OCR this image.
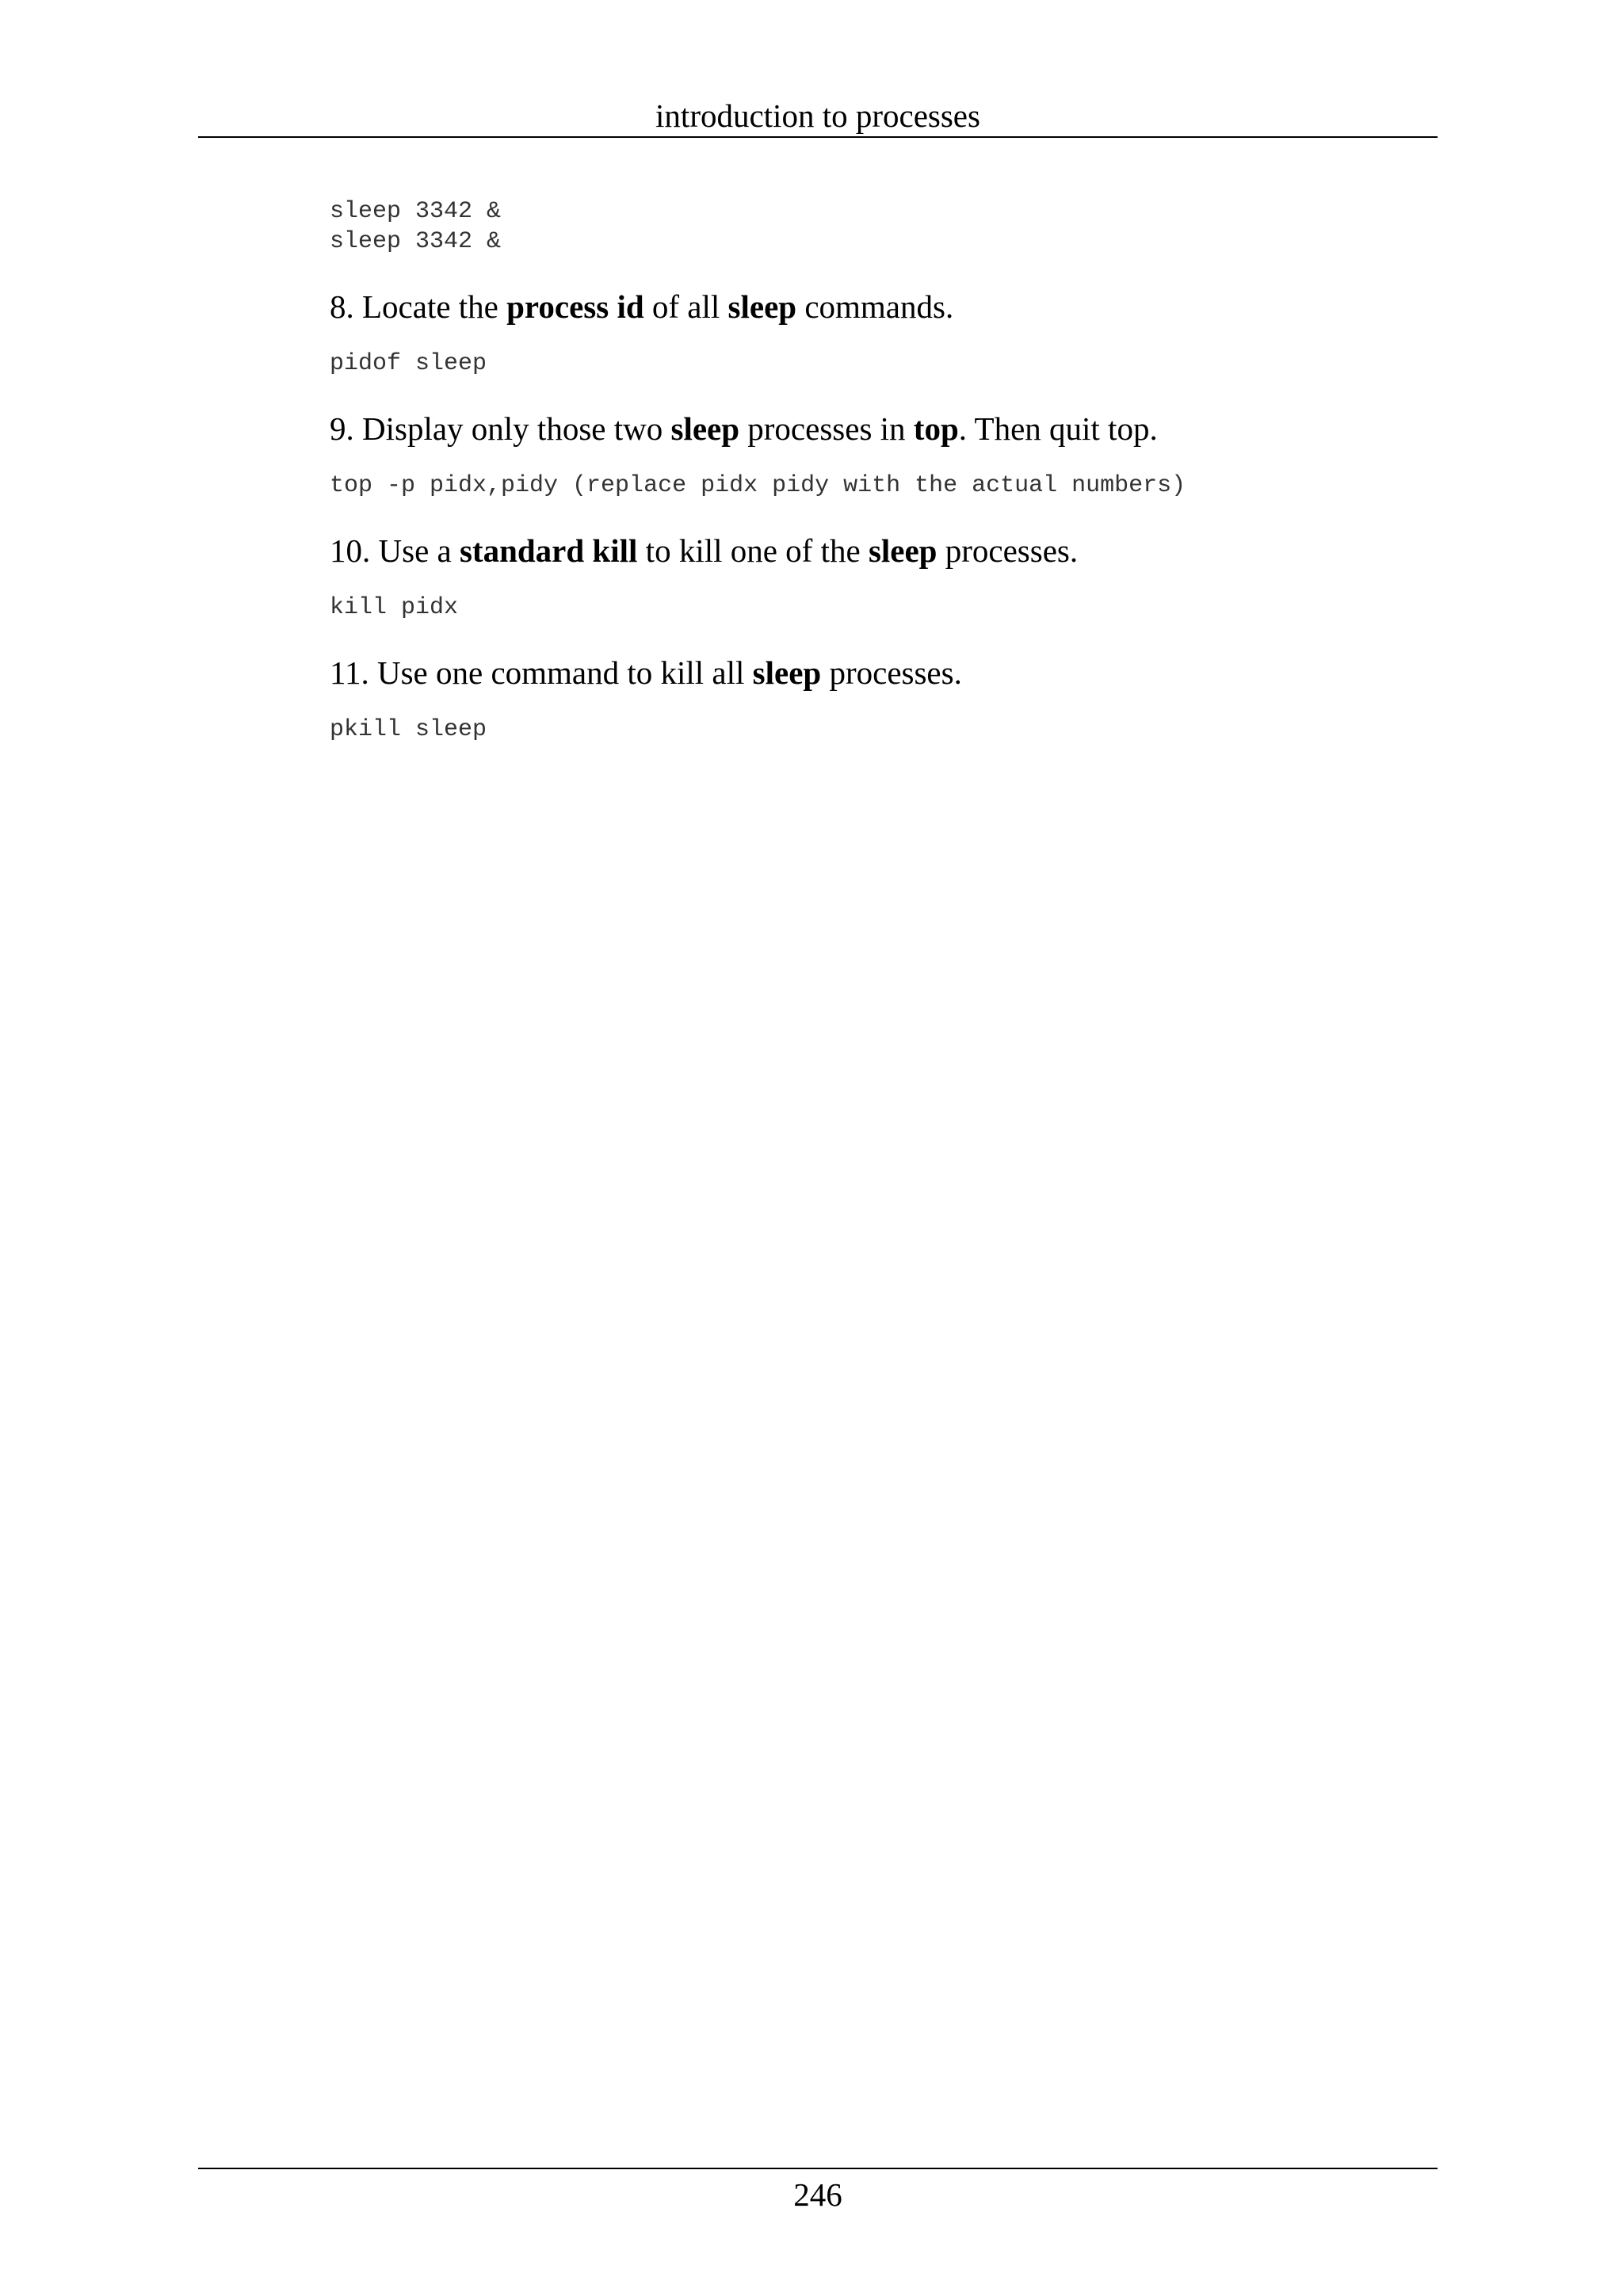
introduction to processes
sleep 3342 &
sleep 3342 &

8. Locate the process id of all sleep commands.

pidof sleep

9. Display only those two sleep processes in top. Then quit top.

top -p pidx,pidy (replace pidx pidy with the actual numbers)

10. Use a standard kill to kill one of the sleep processes.

kill pidx

11. Use one command to kill all sleep processes.

pkill sleep
246
